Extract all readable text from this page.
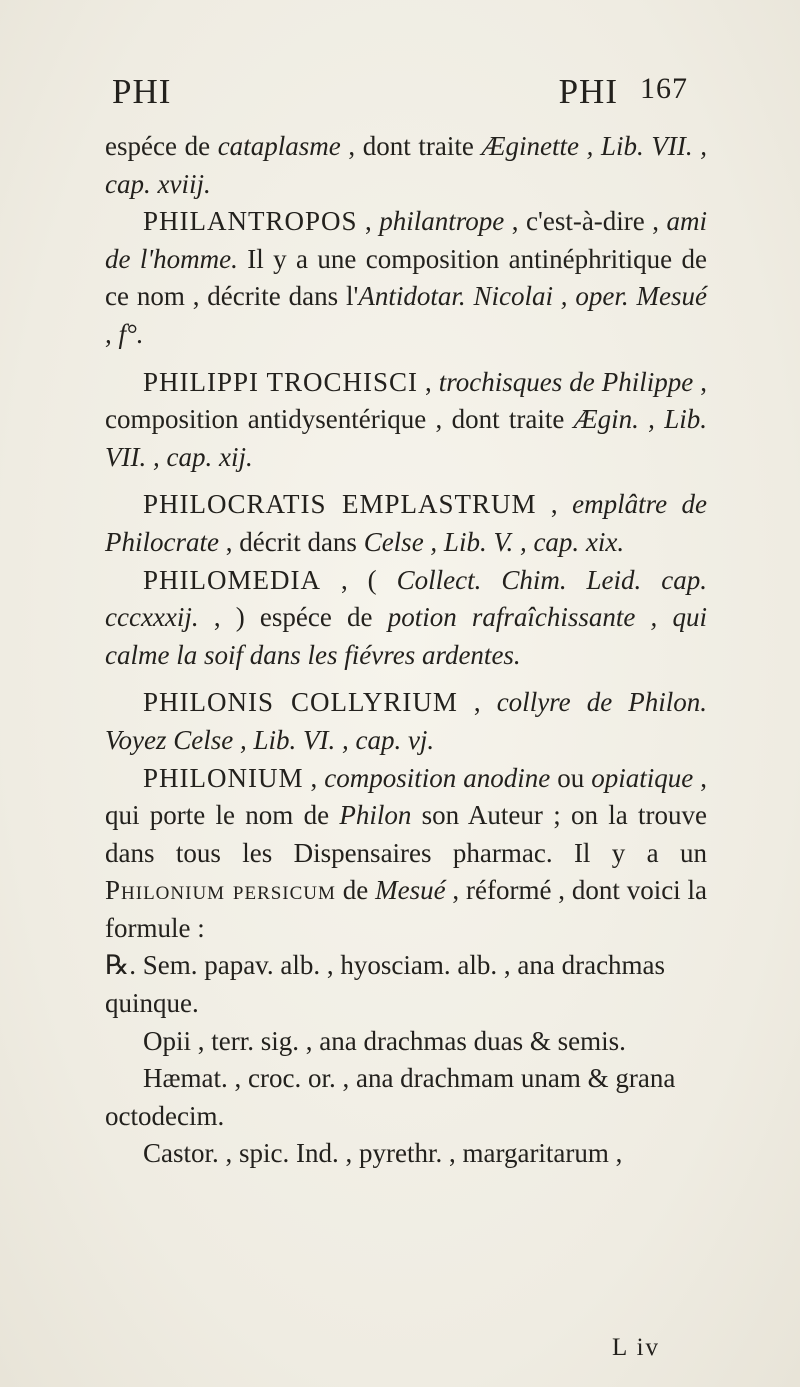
PHI	PHI 167

espéce de cataplasme , dont traite Æginette , Lib. VII. , cap. xviij.

PHILANTROPOS , philantrope , c'est-à-dire , ami de l'homme. Il y a une composition antinéphritique de ce nom , décrite dans l'Antidotar. Nicolai , oper. Mesué , f°.

PHILIPPI TROCHISCI , trochisques de Philippe , composition antidysentérique , dont traite Ægin. , Lib. VII. , cap. xij.

PHILOCRATIS EMPLASTRUM , emplâtre de Philocrate , décrit dans Celse , Lib. V. , cap. xix.

PHILOMEDIA , ( Collect. Chim. Leid. cap. cccxxxij. , ) espéce de potion rafraîchissante , qui calme la soif dans les fiévres ardentes.

PHILONIS COLLYRIUM , collyre de Philon. Voyez Celse , Lib. VI. , cap. vj.

PHILONIUM , composition anodine ou opiatique , qui porte le nom de Philon son Auteur ; on la trouve dans tous les Dispensaires pharmac. Il y a un Philonium persicum de Mesué , réformé , dont voici la formule :

℞. Sem. papav. alb. , hyosciam. alb. , ana drachmas quinque.

Opii , terr. sig. , ana drachmas duas & semis.

Hæmat. , croc. or. , ana drachmam unam & grana octodecim.

Castor. , spic. Ind. , pyrethr. , margaritarum ,

L iv
